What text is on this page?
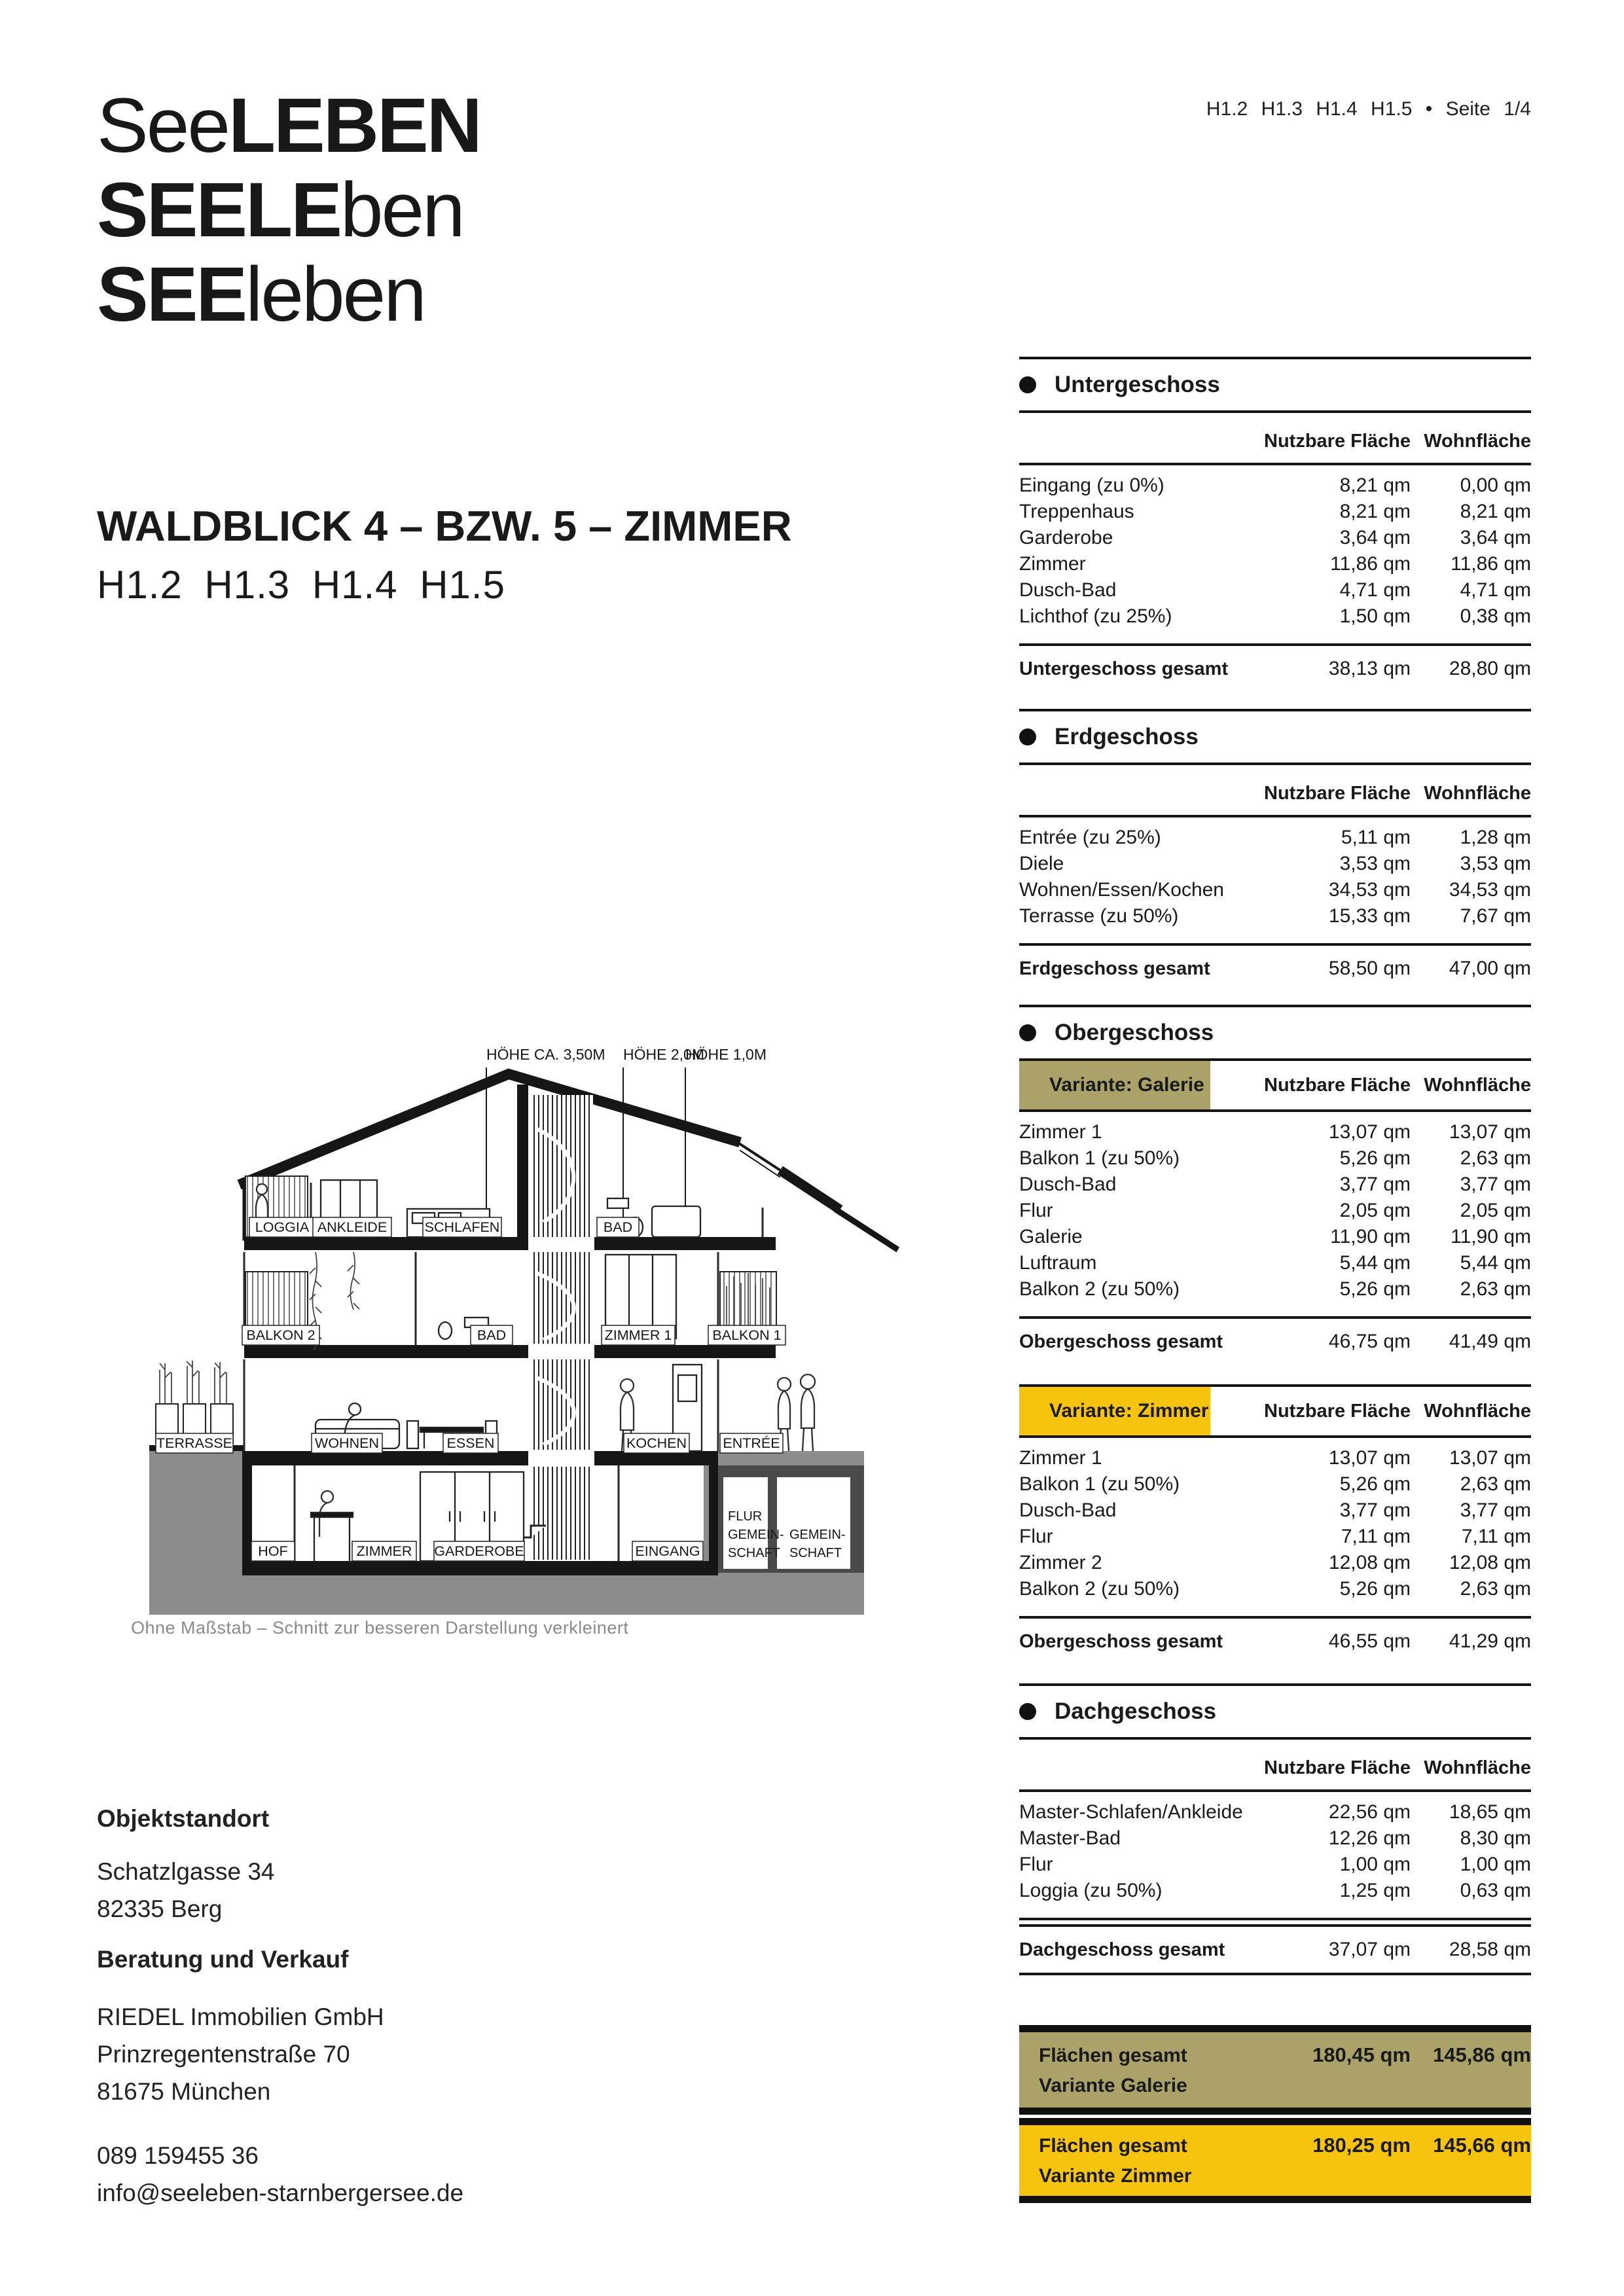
SeeLEBEN
SEELEben
SEEleben
H1.2 H1.3 H1.4 H1.5 • Seite 1/4
WALDBLICK 4 – BZW. 5 – ZIMMER
H1.2 H1.3 H1.4 H1.5
HÖHE CA. 3,50M HÖHE 2,0M
HÖHE 1,0M
LOGGIA ANKLEIDE	SCHLAFEN	BAD
BALKON 2	BAD	ZIMMER 1	BALKON 1
TERRASSE	WOHNEN	ESSEN	KOCHEN	ENTRÉE
HOF	ZIMMER GARDEROBE	EINGANG
FLUR
GEMEIN-
SCHAFT
GEMEIN-
SCHAFT
Ohne Maßstab – Schnitt zur besseren Darstellung verkleinert
Untergeschoss
Nutzbare Fläche Wohnfläche
Eingang (zu 0%)	8,21 qm	0,00 qm
Treppenhaus	8,21 qm	8,21 qm
Garderobe	3,64 qm	3,64 qm
Zimmer	11,86 qm	11,86 qm
Dusch-Bad	4,71 qm	4,71 qm
Lichthof (zu 25%)	1,50 qm	0,38 qm
Untergeschoss gesamt	38,13 qm	28,80 qm
Erdgeschoss
Nutzbare Fläche Wohnfläche
Entrée (zu 25%)	5,11 qm	1,28 qm
Diele	3,53 qm	3,53 qm
Wohnen/Essen/Kochen	34,53 qm	34,53 qm
Terrasse (zu 50%)	15,33 qm	7,67 qm
Erdgeschoss gesamt	58,50 qm	47,00 qm
Obergeschoss
Variante: Galerie	Nutzbare Fläche Wohnfläche
Zimmer 1	13,07 qm	13,07 qm
Balkon 1 (zu 50%)	5,26 qm	2,63 qm
Dusch-Bad	3,77 qm	3,77 qm
Flur	2,05 qm	2,05 qm
Galerie	11,90 qm	11,90 qm
Luftraum	5,44 qm	5,44 qm
Balkon 2 (zu 50%)	5,26 qm	2,63 qm
Obergeschoss gesamt	46,75 qm	41,49 qm
Variante: Zimmer	Nutzbare Fläche Wohnfläche
Zimmer 1	13,07 qm	13,07 qm
Balkon 1 (zu 50%)	5,26 qm	2,63 qm
Dusch-Bad	3,77 qm	3,77 qm
Flur	7,11 qm	7,11 qm
Zimmer 2	12,08 qm	12,08 qm
Balkon 2 (zu 50%)	5,26 qm	2,63 qm
Obergeschoss gesamt	46,55 qm	41,29 qm
Dachgeschoss
Nutzbare Fläche Wohnfläche
Master-Schlafen/Ankleide	22,56 qm	18,65 qm
Master-Bad	12,26 qm	8,30 qm
Flur	1,00 qm	1,00 qm
Loggia (zu 50%)	1,25 qm	0,63 qm
Dachgeschoss gesamt	37,07 qm	28,58 qm
Flächen gesamt	180,45 qm	145,86 qm
Variante Galerie
Flächen gesamt	180,25 qm	145,66 qm
Variante Zimmer
Objektstandort
Schatzlgasse 34
82335 Berg
Beratung und Verkauf
RIEDEL Immobilien GmbH
Prinzregentenstraße 70
81675 München
089 159455 36
info@seeleben-starnbergersee.de
